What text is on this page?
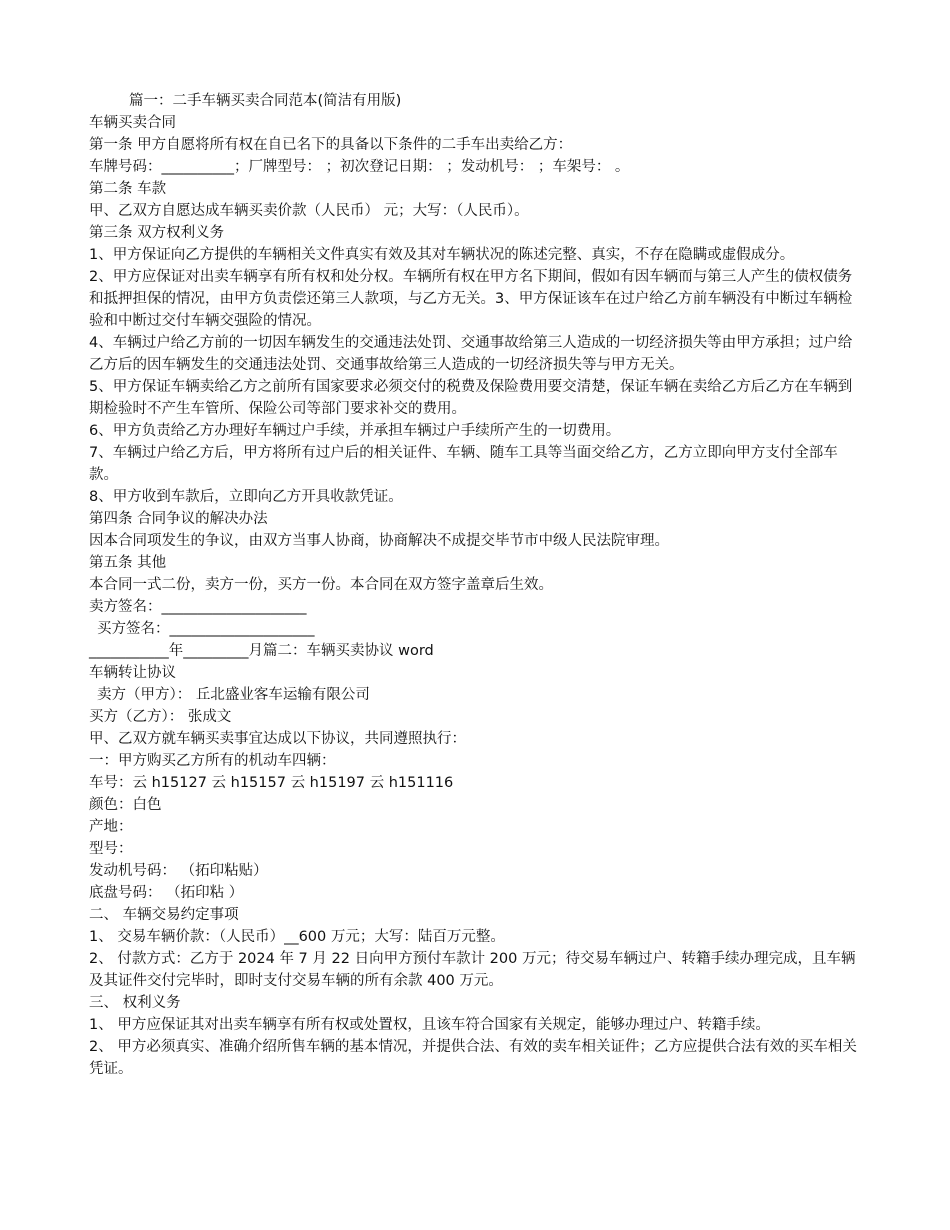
篇一：二手车辆买卖合同范本(简洁有用版)
车辆买卖合同
第一条 甲方自愿将所有权在自已名下的具备以下条件的二手车出卖给乙方：
车牌号码：__________；厂牌型号： ；初次登记日期： ；发动机号： ；车架号： 。
第二条 车款
甲、乙双方自愿达成车辆买卖价款（人民币） 元；大写：（人民币）。
第三条 双方权利义务
1、甲方保证向乙方提供的车辆相关文件真实有效及其对车辆状况的陈述完整、真实，不存在隐瞒或虚假成分。
2、甲方应保证对出卖车辆享有所有权和处分权。车辆所有权在甲方名下期间，假如有因车辆而与第三人产生的债权债务和抵押担保的情况，由甲方负责偿还第三人款项，与乙方无关。3、甲方保证该车在过户给乙方前车辆没有中断过车辆检验和中断过交付车辆交强险的情况。
4、车辆过户给乙方前的一切因车辆发生的交通违法处罚、交通事故给第三人造成的一切经济损失等由甲方承担；过户给乙方后的因车辆发生的交通违法处罚、交通事故给第三人造成的一切经济损失等与甲方无关。
5、甲方保证车辆卖给乙方之前所有国家要求必须交付的税费及保险费用要交清楚，保证车辆在卖给乙方后乙方在车辆到期检验时不产生车管所、保险公司等部门要求补交的费用。
6、甲方负责给乙方办理好车辆过户手续，并承担车辆过户手续所产生的一切费用。
7、车辆过户给乙方后，甲方将所有过户后的相关证件、车辆、随车工具等当面交给乙方，乙方立即向甲方支付全部车款。
8、甲方收到车款后，立即向乙方开具收款凭证。
第四条 合同争议的解决办法
因本合同项发生的争议，由双方当事人协商，协商解决不成提交毕节市中级人民法院审理。
第五条 其他
本合同一式二份，卖方一份，买方一份。本合同在双方签字盖章后生效。
卖方签名：____________________
买方签名：____________________
___________年_________月篇二：车辆买卖协议 word
车辆转让协议
卖方（甲方）： 丘北盛业客车运输有限公司
买方（乙方）： 张成文
甲、乙双方就车辆买卖事宜达成以下协议，共同遵照执行：
一：甲方购买乙方所有的机动车四辆：
车号：云 h15127 云 h15157 云 h15197 云 h151116
颜色：白色
产地：
型号：
发动机号码： （拓印粘贴）
底盘号码： （拓印粘 ）
二、 车辆交易约定事项
1、 交易车辆价款：（人民币）__600 万元；大写：陆百万元整。
2、 付款方式：乙方于 2024 年 7 月 22 日向甲方预付车款计 200 万元；待交易车辆过户、转籍手续办理完成，且车辆及其证件交付完毕时，即时支付交易车辆的所有余款 400 万元。
三、 权利义务
1、 甲方应保证其对出卖车辆享有所有权或处置权，且该车符合国家有关规定，能够办理过户、转籍手续。
2、 甲方必须真实、准确介绍所售车辆的基本情况，并提供合法、有效的卖车相关证件；乙方应提供合法有效的买车相关凭证。
